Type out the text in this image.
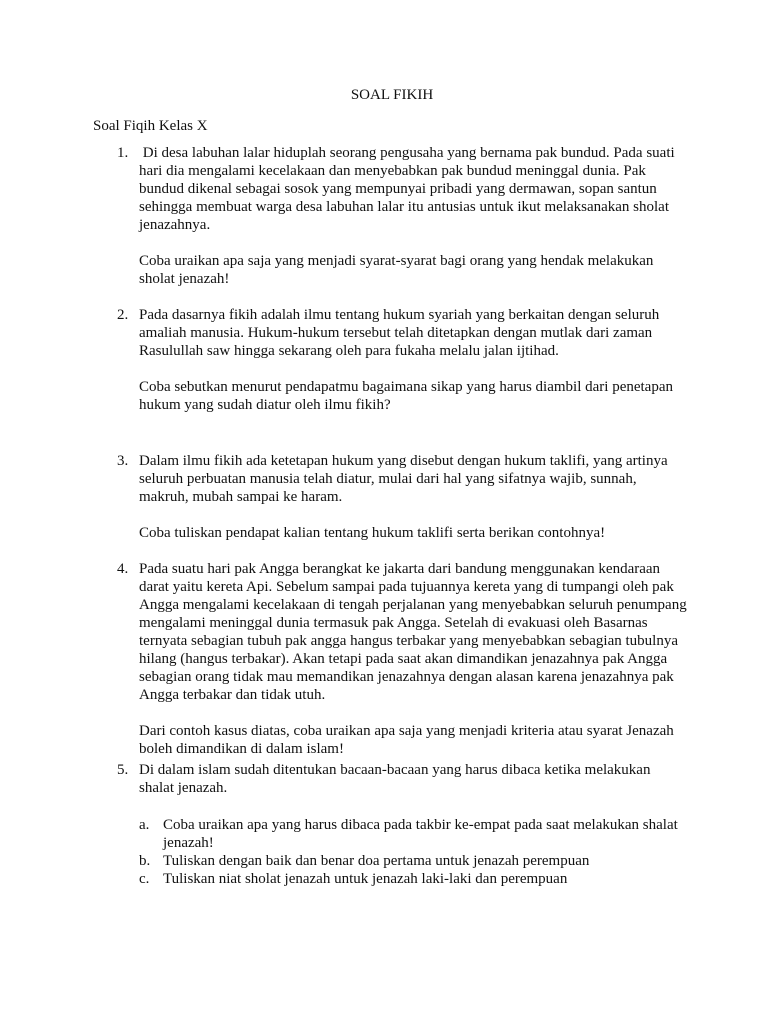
SOAL FIKIH
Soal Fiqih Kelas X
1. Di desa labuhan lalar hiduplah seorang pengusaha yang bernama pak bundud. Pada suati hari dia mengalami kecelakaan dan menyebabkan pak bundud meninggal dunia. Pak bundud dikenal sebagai sosok yang mempunyai pribadi yang dermawan, sopan santun sehingga membuat warga desa labuhan lalar itu antusias untuk ikut melaksanakan sholat jenazahnya.

Coba uraikan apa saja yang menjadi syarat-syarat bagi orang yang hendak melakukan sholat jenazah!

2. Pada dasarnya fikih adalah ilmu tentang hukum syariah yang berkaitan dengan seluruh amaliah manusia. Hukum-hukum tersebut telah ditetapkan dengan mutlak dari zaman Rasulullah saw hingga sekarang oleh para fukaha melalu jalan ijtihad.

Coba sebutkan menurut pendapatmu bagaimana sikap yang harus diambil dari penetapan hukum yang sudah diatur oleh ilmu fikih?

3. Dalam ilmu fikih ada ketetapan hukum yang disebut dengan hukum taklifi, yang artinya seluruh perbuatan manusia telah diatur, mulai dari hal yang sifatnya wajib, sunnah, makruh, mubah sampai ke haram.

Coba tuliskan pendapat kalian tentang hukum taklifi serta berikan contohnya!

4. Pada suatu hari pak Angga berangkat ke jakarta dari bandung menggunakan kendaraan darat yaitu kereta Api. Sebelum sampai pada tujuannya kereta yang di tumpangi oleh pak Angga mengalami kecelakaan di tengah perjalanan yang menyebabkan seluruh penumpang mengalami meninggal dunia termasuk pak Angga. Setelah di evakuasi oleh Basarnas ternyata sebagian tubuh pak angga hangus terbakar yang menyebabkan sebagian tubulnya hilang (hangus terbakar). Akan tetapi pada saat akan dimandikan jenazahnya pak Angga sebagian orang tidak mau memandikan jenazahnya dengan alasan karena jenazahnya pak Angga terbakar dan tidak utuh.

Dari contoh kasus diatas, coba uraikan apa saja yang menjadi kriteria atau syarat Jenazah boleh dimandikan di dalam islam!

5. Di dalam islam sudah ditentukan bacaan-bacaan yang harus dibaca ketika melakukan shalat jenazah.

a. Coba uraikan apa yang harus dibaca pada takbir ke-empat pada saat melakukan shalat jenazah!
b. Tuliskan dengan baik dan benar doa pertama untuk jenazah perempuan
c. Tuliskan niat sholat jenazah untuk jenazah laki-laki dan perempuan
